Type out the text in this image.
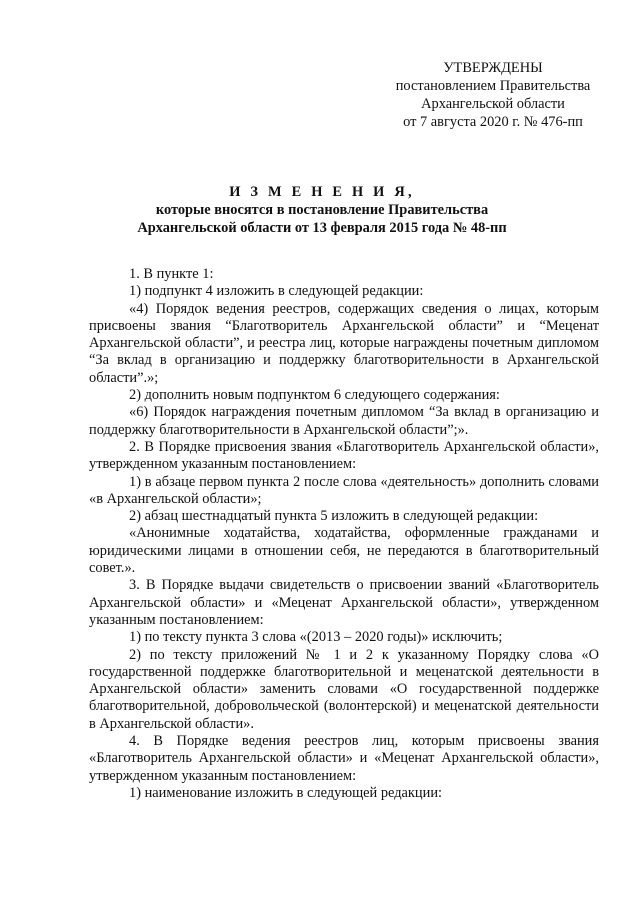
УТВЕРЖДЕНЫ
постановлением Правительства
Архангельской области
от 7 августа 2020 г. № 476-пп
И З М Е Н Е Н И Я,
которые вносятся в постановление Правительства
Архангельской области от 13 февраля 2015 года № 48-пп

1. В пункте 1:

1) подпункт 4 изложить в следующей редакции:

«4) Порядок ведения реестров, содержащих сведения о лицах, которым присвоены звания “Благотворитель Архангельской области” и “Меценат Архангельской области”, и реестра лиц, которые награждены почетным дипломом “За вклад в организацию и поддержку благотворительности в Архангельской области”.»;

2) дополнить новым подпунктом 6 следующего содержания:

«6) Порядок награждения почетным дипломом “За вклад в организацию и поддержку благотворительности в Архангельской области”;».

2. В Порядке присвоения звания «Благотворитель Архангельской области», утвержденном указанным постановлением:

1) в абзаце первом пункта 2 после слова «деятельность» дополнить словами «в Архангельской области»;

2) абзац шестнадцатый пункта 5 изложить в следующей редакции:

«Анонимные ходатайства, ходатайства, оформленные гражданами и юридическими лицами в отношении себя, не передаются в благотворительный совет.».

3. В Порядке выдачи свидетельств о присвоении званий «Благотворитель Архангельской области» и «Меценат Архангельской области», утвержденном указанным постановлением:

1) по тексту пункта 3 слова «(2013 – 2020 годы)» исключить;

2) по тексту приложений № 1 и 2 к указанному Порядку слова «О государственной поддержке благотворительной и меценатской деятельности в Архангельской области» заменить словами «О государственной поддержке благотворительной, добровольческой (волонтерской) и меценатской деятельности в Архангельской области».

4. В Порядке ведения реестров лиц, которым присвоены звания «Благотворитель Архангельской области» и «Меценат Архангельской области», утвержденном указанным постановлением:

1) наименование изложить в следующей редакции:
